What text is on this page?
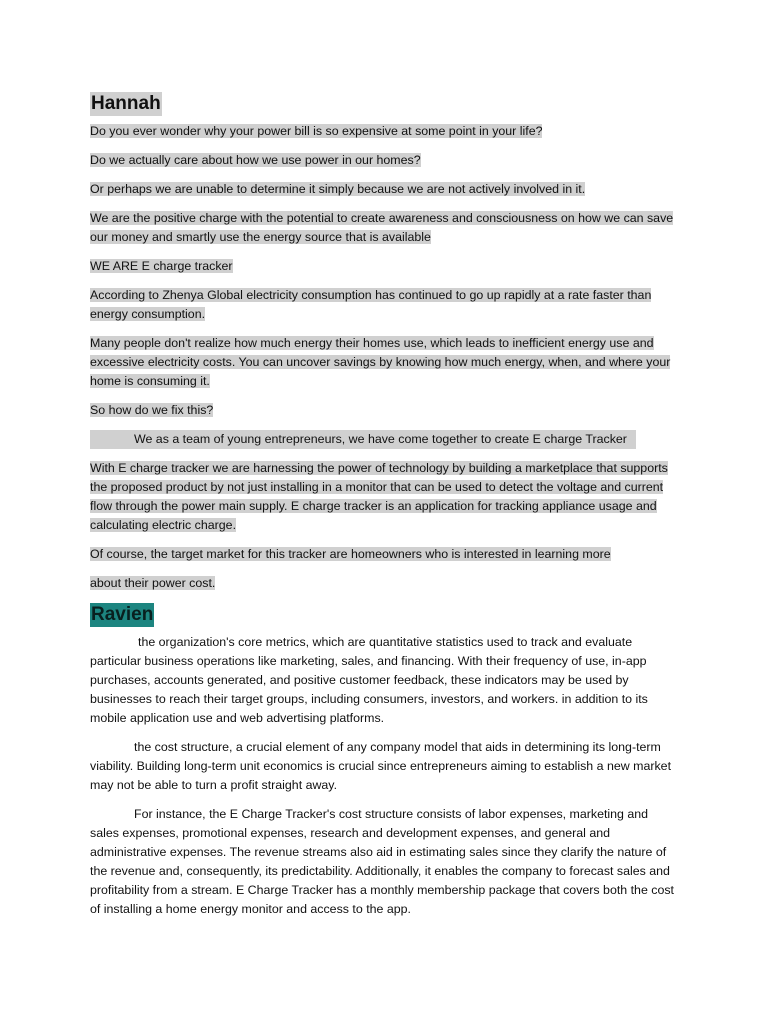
Hannah

Do you ever wonder why your power bill is so expensive at some point in your life?

Do we actually care about how we use power in our homes?

Or perhaps we are unable to determine it simply because we are not actively involved in it.

We are the positive charge with the potential to create awareness and consciousness on how we can save our money and smartly use the energy source that is available

WE ARE E charge tracker

According to Zhenya Global electricity consumption has continued to go up rapidly at a rate faster than energy consumption.

Many people don't realize how much energy their homes use, which leads to inefficient energy use and excessive electricity costs. You can uncover savings by knowing how much energy, when, and where your home is consuming it.

So how do we fix this?

We as a team of young entrepreneurs, we have come together to create E charge Tracker

With E charge tracker we are harnessing the power of technology by building a marketplace that supports the proposed product by not just installing in a monitor that can be used to detect the voltage and current flow through the power main supply. E charge tracker is an application for tracking appliance usage and calculating electric charge.

Of course, the target market for this tracker are homeowners who is interested in learning more

about their power cost.

Ravien

the organization's core metrics, which are quantitative statistics used to track and evaluate particular business operations like marketing, sales, and financing. With their frequency of use, in-app purchases, accounts generated, and positive customer feedback, these indicators may be used by businesses to reach their target groups, including consumers, investors, and workers. in addition to its mobile application use and web advertising platforms.

the cost structure, a crucial element of any company model that aids in determining its long-term viability. Building long-term unit economics is crucial since entrepreneurs aiming to establish a new market may not be able to turn a profit straight away.

For instance, the E Charge Tracker's cost structure consists of labor expenses, marketing and sales expenses, promotional expenses, research and development expenses, and general and administrative expenses. The revenue streams also aid in estimating sales since they clarify the nature of the revenue and, consequently, its predictability. Additionally, it enables the company to forecast sales and profitability from a stream. E Charge Tracker has a monthly membership package that covers both the cost of installing a home energy monitor and access to the app.
